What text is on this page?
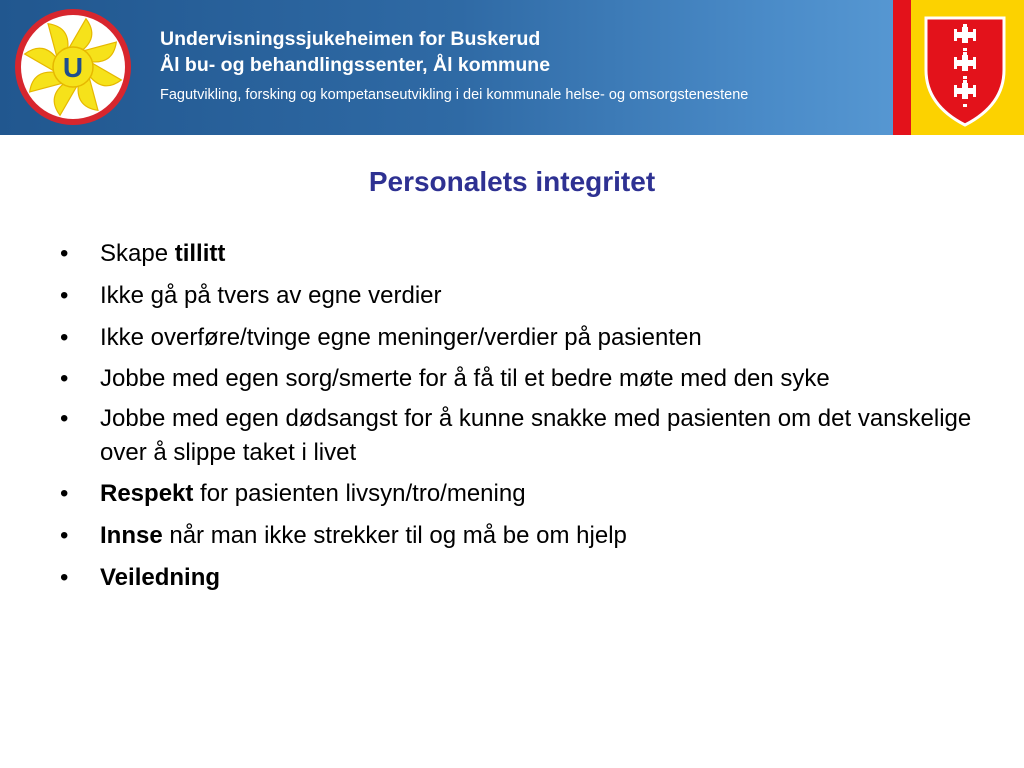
U
Undervisningssjukeheimen for Buskerud
Ål bu- og behandlingssenter, Ål kommune
Fagutvikling, forsking og kompetanseutvikling i dei kommunale helse- og omsorgstenestene
Personalets integritet
• Skape tillitt
• Ikke gå på tvers av egne verdier
• Ikke overføre/tvinge egne meninger/verdier på pasienten
• Jobbe med egen sorg/smerte for å få til et bedre møte med den syke
• Jobbe med egen dødsangst for å kunne snakke med pasienten om det vanskelige over å slippe taket i livet
• Respekt for pasienten livsyn/tro/mening
• Innse når man ikke strekker til og må be om hjelp
• Veiledning
